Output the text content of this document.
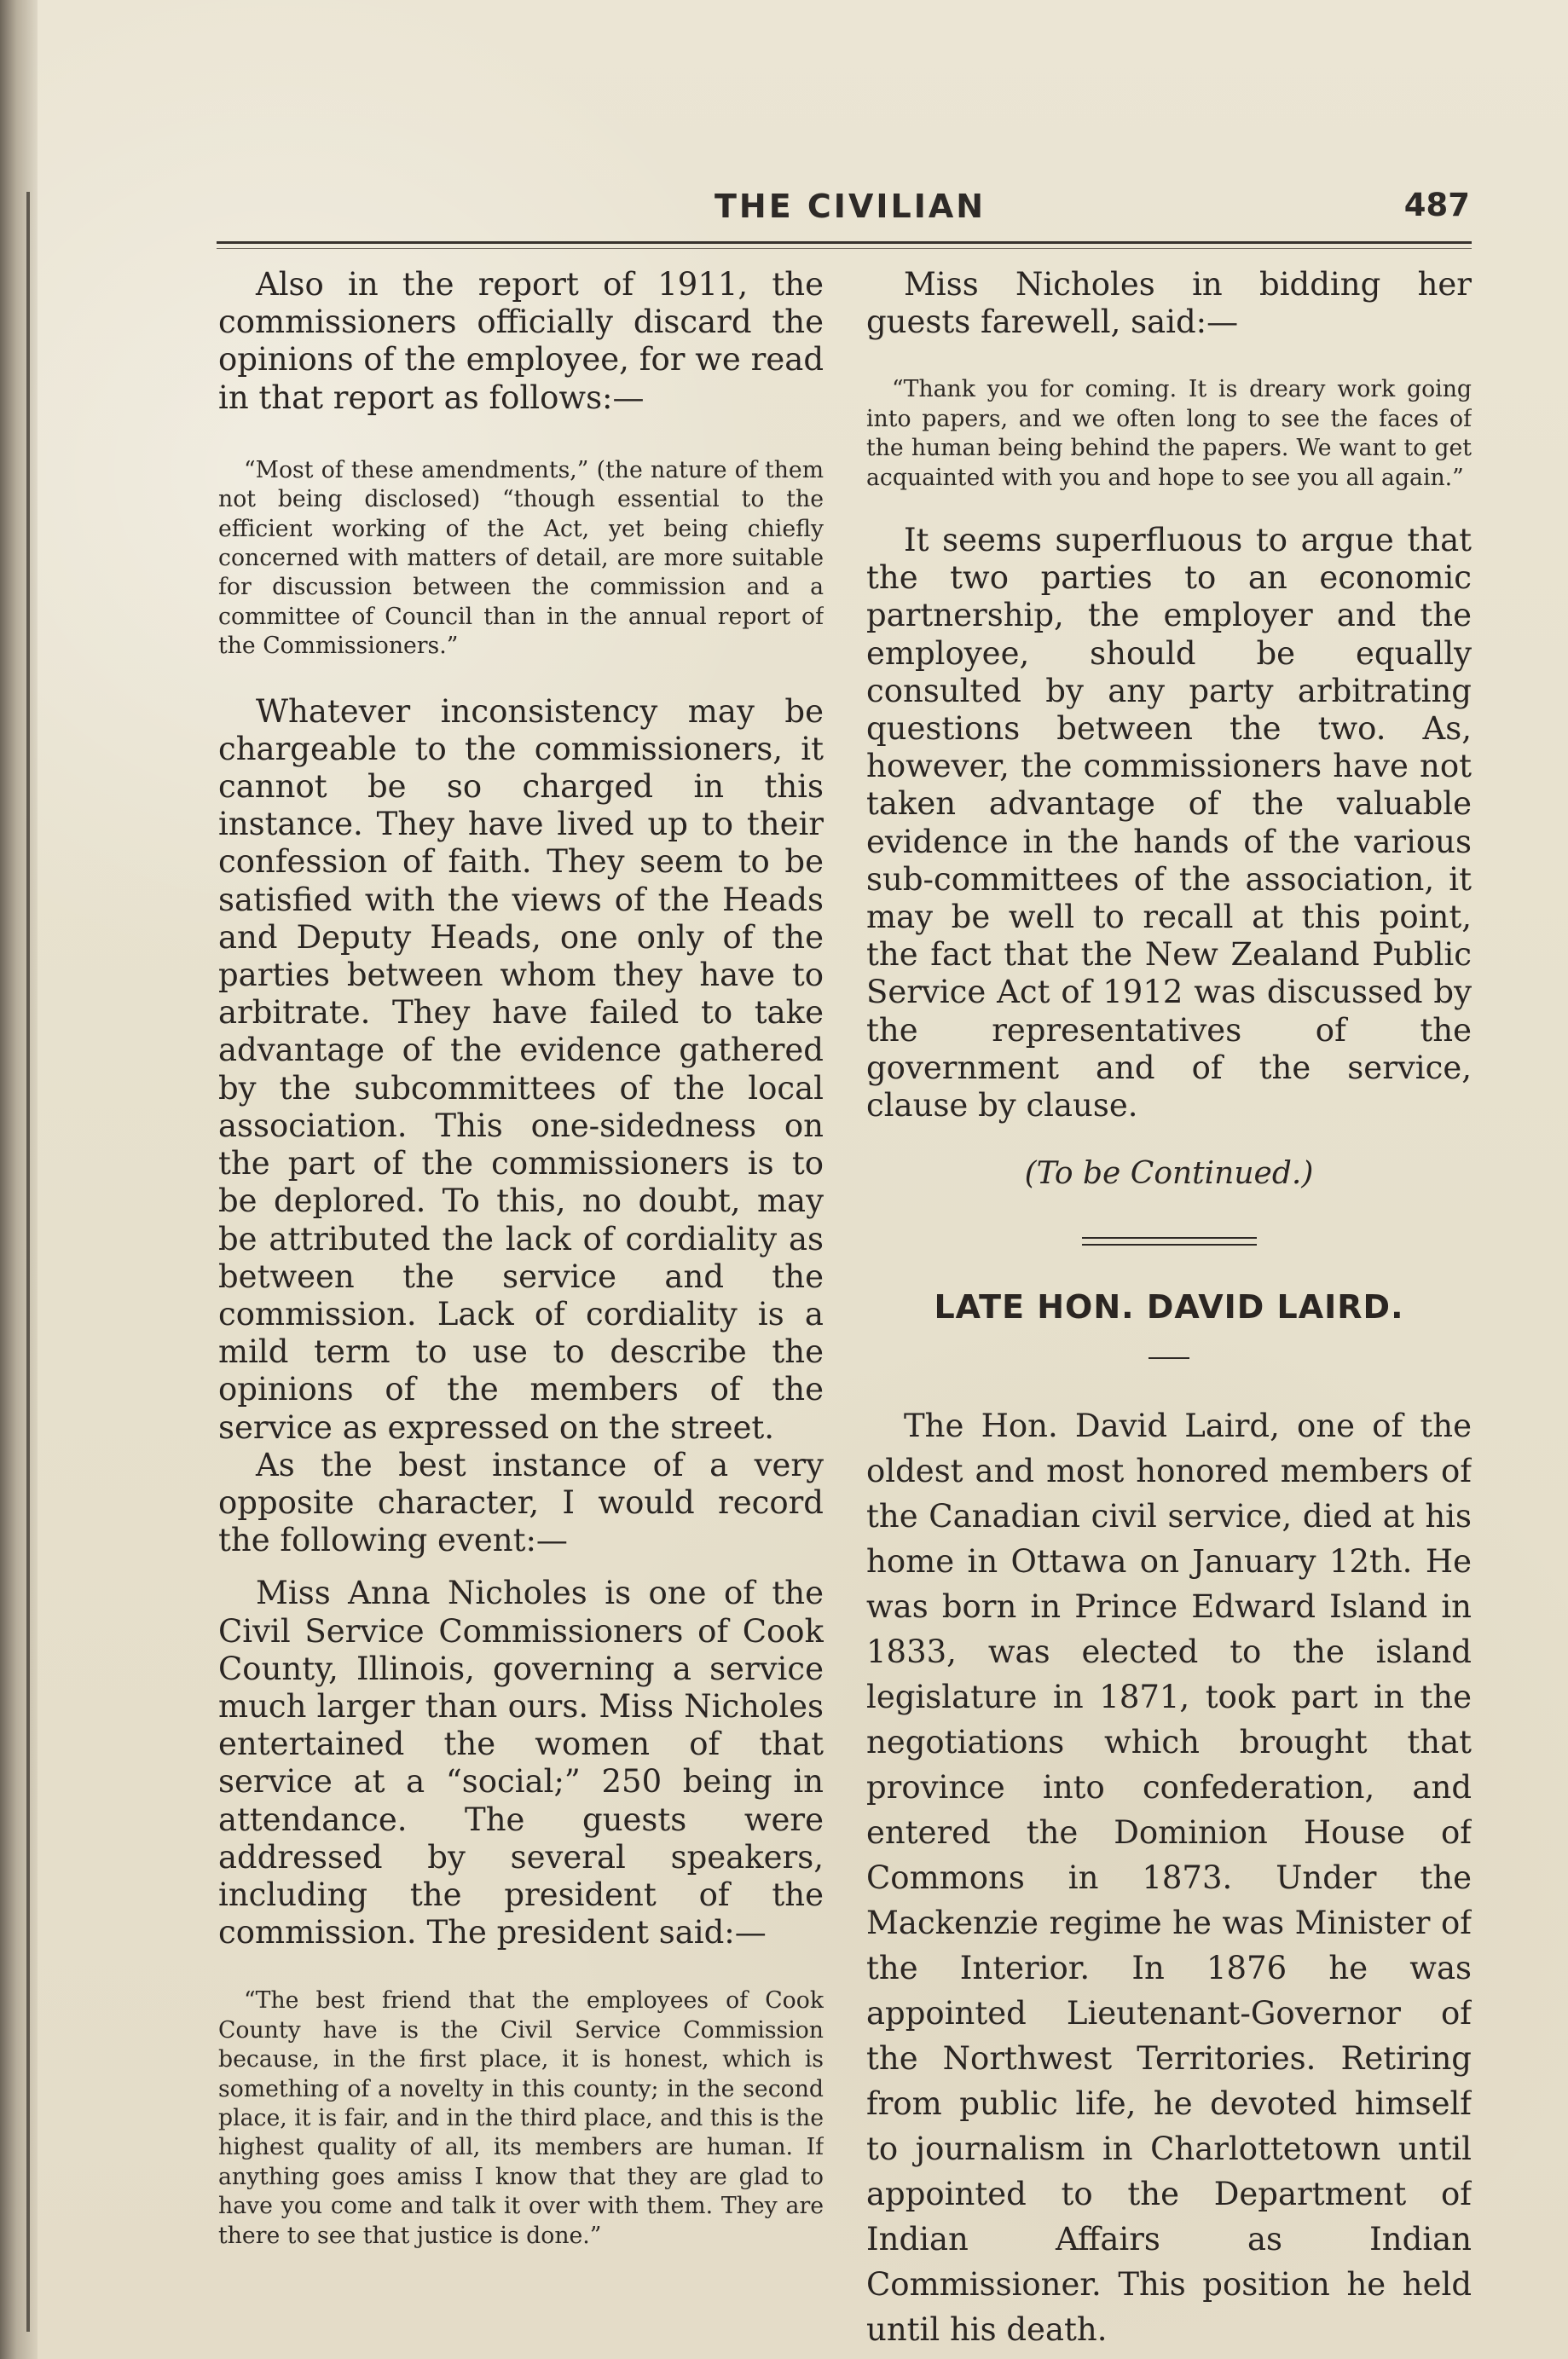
THE CIVILIAN	487

Also in the report of 1911, the commissioners officially discard the opinions of the employee, for we read in that report as follows:—

“Most of these amendments,” (the nature of them not being disclosed) “though essential to the efficient working of the Act, yet being chiefly concerned with matters of detail, are more suitable for discussion between the commission and a committee of Council than in the annual report of the Commissioners.”

Whatever inconsistency may be chargeable to the commissioners, it cannot be so charged in this instance. They have lived up to their confession of faith. They seem to be satisfied with the views of the Heads and Deputy Heads, one only of the parties between whom they have to arbitrate. They have failed to take advantage of the evidence gathered by the subcommittees of the local association. This one-sidedness on the part of the commissioners is to be deplored. To this, no doubt, may be attributed the lack of cordiality as between the service and the commission. Lack of cordiality is a mild term to use to describe the opinions of the members of the service as expressed on the street.

As the best instance of a very opposite character, I would record the following event:—

Miss Anna Nicholes is one of the Civil Service Commissioners of Cook County, Illinois, governing a service much larger than ours. Miss Nicholes entertained the women of that service at a “social;” 250 being in attendance. The guests were addressed by several speakers, including the president of the commission. The president said:—

“The best friend that the employees of Cook County have is the Civil Service Commission because, in the first place, it is honest, which is something of a novelty in this county; in the second place, it is fair, and in the third place, and this is the highest quality of all, its members are human. If anything goes amiss I know that they are glad to have you come and talk it over with them. They are there to see that justice is done.”

Miss Nicholes in bidding her guests farewell, said:—

“Thank you for coming. It is dreary work going into papers, and we often long to see the faces of the human being behind the papers. We want to get acquainted with you and hope to see you all again.”

It seems superfluous to argue that the two parties to an economic partnership, the employer and the employee, should be equally consulted by any party arbitrating questions between the two. As, however, the commissioners have not taken advantage of the valuable evidence in the hands of the various sub-committees of the association, it may be well to recall at this point, the fact that the New Zealand Public Service Act of 1912 was discussed by the representatives of the government and of the service, clause by clause.

(To be Continued.)

LATE HON. DAVID LAIRD.

The Hon. David Laird, one of the oldest and most honored members of the Canadian civil service, died at his home in Ottawa on January 12th. He was born in Prince Edward Island in 1833, was elected to the island legislature in 1871, took part in the negotiations which brought that province into confederation, and entered the Dominion House of Commons in 1873. Under the Mackenzie regime he was Minister of the Interior. In 1876 he was appointed Lieutenant-Governor of the Northwest Territories. Retiring from public life, he devoted himself to journalism in Charlottetown until appointed to the Department of Indian Affairs as Indian Commissioner. This position he held until his death.
